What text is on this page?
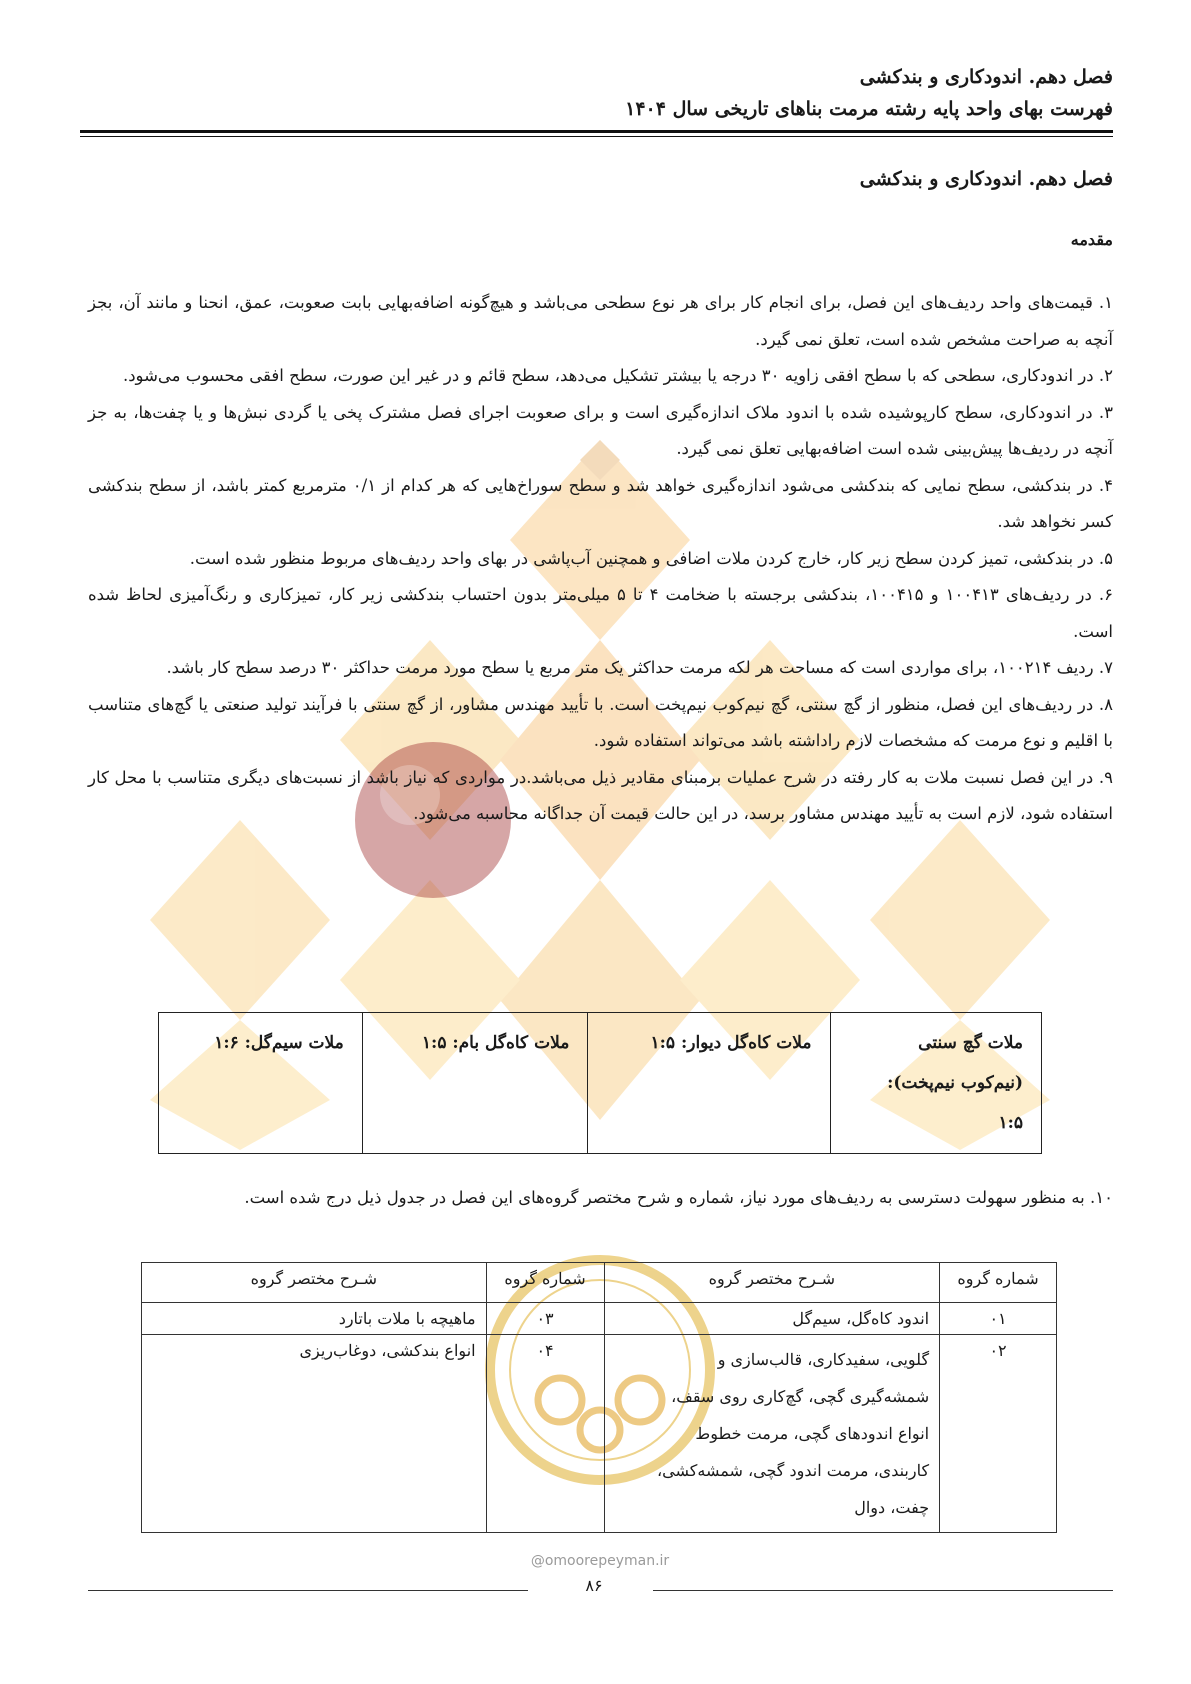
فصل دهم. اندودکاری و بندکشی
فهرست بهای واحد پایه رشته مرمت بناهای تاریخی سال ۱۴۰۴
فصل دهم. اندودکاری و بندکشی
مقدمه

۱. قیمت‌های واحد ردیف‌های این فصل، برای انجام کار برای هر نوع سطحی می‌باشد و هیچ‌گونه اضافه‌بهایی بابت صعوبت، عمق، انحنا و مانند آن، بجز آنچه به صراحت مشخص شده است، تعلق نمی گیرد.

۲. در اندودکاری، سطحی که با سطح افقی زاویه ۳۰ درجه یا بیشتر تشکیل می‌دهد، سطح قائم و در غیر این صورت، سطح افقی محسوب می‌شود.

۳. در اندودکاری، سطح کارپوشیده شده با اندود ملاک اندازه‌گیری است و برای صعوبت اجرای فصل مشترک پخی یا گردی نبش‌ها و یا چفت‌ها، به جز آنچه در ردیف‌ها پیش‌بینی شده است اضافه‌بهایی تعلق نمی گیرد.

۴. در بندکشی، سطح نمایی که بندکشی می‌شود اندازه‌گیری خواهد شد و سطح سوراخ‌هایی که هر کدام از ۰/۱ مترمربع کمتر باشد، از سطح بندکشی کسر نخواهد شد.

۵. در بندکشی، تمیز کردن سطح زیر کار، خارج کردن ملات اضافی و همچنین آب‌پاشی در بهای واحد ردیف‌های مربوط منظور شده است.

۶. در ردیف‌های ۱۰۰۴۱۳ و ۱۰۰۴۱۵، بندکشی برجسته با ضخامت ۴ تا ۵ میلی‌متر بدون احتساب بندکشی زیر کار، تمیزکاری و رنگ‌آمیزی لحاظ شده است.

۷. ردیف ۱۰۰۲۱۴، برای مواردی است که مساحت هر لکه مرمت حداکثر یک متر مربع یا سطح مورد مرمت حداکثر ۳۰ درصد سطح کار باشد.

۸. در ردیف‌های این فصل، منظور از گچ سنتی، گچ نیم‌کوب نیم‌پخت است. با تأیید مهندس مشاور، از گچ سنتی با فرآیند تولید صنعتی یا گچ‌های متناسب با اقلیم و نوع مرمت که مشخصات لازم راداشته باشد می‌تواند استفاده شود.

۹. در این فصل نسبت ملات به کار رفته در شرح عملیات برمبنای مقادیر ذیل می‌باشد.در مواردی که نیاز باشد از نسبت‌های دیگری متناسب با محل کار استفاده شود، لازم است به تأیید مهندس مشاور برسد، در این حالت قیمت آن جداگانه محاسبه می‌شود.

ملات گچ سنتی
(نیم‌کوب نیم‌پخت):
۱:۵
	ملات کاه‌گل دیوار: ۱:۵	ملات کاه‌گل بام: ۱:۵	ملات سیم‌گل: ۱:۶
۱۰. به منظور سهولت دسترسی به ردیف‌های مورد نیاز، شماره و شرح مختصر گروه‌های این فصل در جدول ذیل درج شده است.
شماره گروه	شـرح مختصر گروه	شماره گروه	شـرح مختصر گروه
۰۱	اندود کاه‌گل، سیم‌گل	۰۳	ماهیچه با ملات باتارد
۰۲	گلویی، سفیدکاری، قالب‌سازی و
شمشه‌گیری گچی، گچ‌کاری روی سقف،
انواع اندودهای گچی، مرمت خطوط
کاربندی، مرمت اندود گچی، شمشه‌کشی،
چفت، دوال	۰۴	انواع بندکشی، دوغاب‌ریزی
@omoorepeyman.ir
۸۶
